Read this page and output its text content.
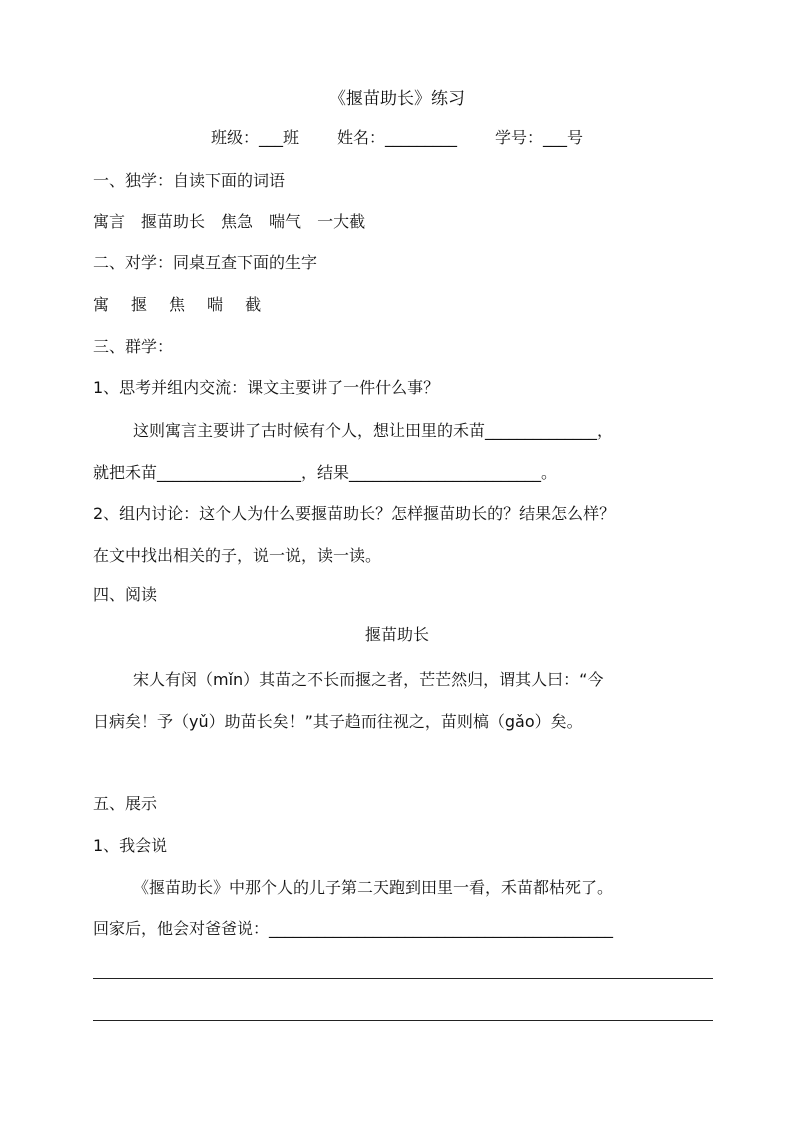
《揠苗助长》练习
班级：___班 姓名：_________ 学号：___号
一、独学：自读下面的词语
寓言 揠苗助长 焦急 喘气 一大截
二、对学：同桌互查下面的生字
寓 揠 焦 喘 截
三、群学：
1、思考并组内交流：课文主要讲了一件什么事？
这则寓言主要讲了古时候有个人，想让田里的禾苗______________，
就把禾苗__________________，结果________________________。
2、组内讨论：这个人为什么要揠苗助长？怎样揠苗助长的？结果怎么样？
在文中找出相关的子，说一说，读一读。
四、阅读
揠苗助长
宋人有闵（mǐn）其苗之不长而揠之者，芒芒然归，谓其人曰：“今
日病矣！予（yǔ）助苗长矣！”其子趋而往视之，苗则槁（gǎo）矣。
五、展示
1、我会说
《揠苗助长》中那个人的儿子第二天跑到田里一看，禾苗都枯死了。
回家后，他会对爸爸说：___________________________________________
